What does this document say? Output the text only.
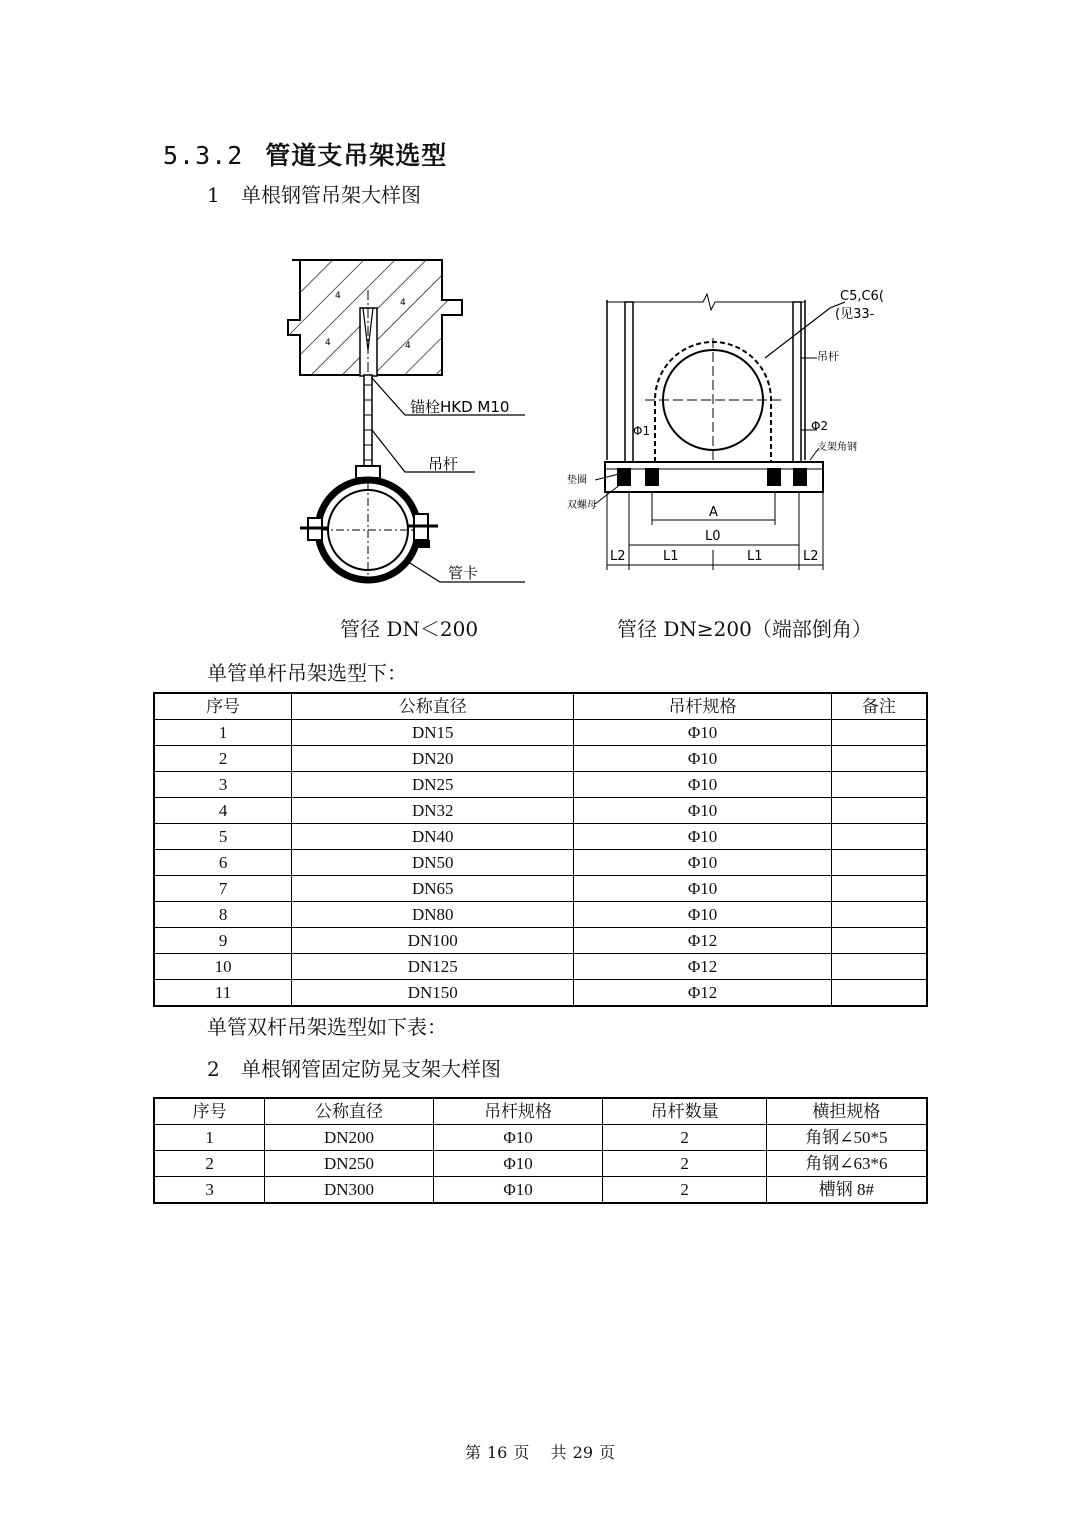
5.3.2 管道支吊架选型
1 单根钢管吊架大样图
4
4
4	4
锚栓HKD M10
吊杆
管卡
C5,C6(
(见33-
吊杆
Φ1	Φ2
支架角钢
垫圈
双螺母	A
L0
L1	L1
L2	L2
管径 DN＜200	管径 DN≥200（端部倒角）
单管单杆吊架选型下：
序号	公称直径	吊杆规格	备注
1	DN15	Φ10	
2	DN20	Φ10	
3	DN25	Φ10	
4	DN32	Φ10	
5	DN40	Φ10	
6	DN50	Φ10	
7	DN65	Φ10	
8	DN80	Φ10	
9	DN100	Φ12	
10	DN125	Φ12	
11	DN150	Φ12	
单管双杆吊架选型如下表：
2 单根钢管固定防晃支架大样图
序号	公称直径	吊杆规格	吊杆数量	横担规格
1	DN200	Φ10	2	角钢∠50*5
2	DN250	Φ10	2	角钢∠63*6
3	DN300	Φ10	2	槽钢 8#
第 16 页 共 29 页
